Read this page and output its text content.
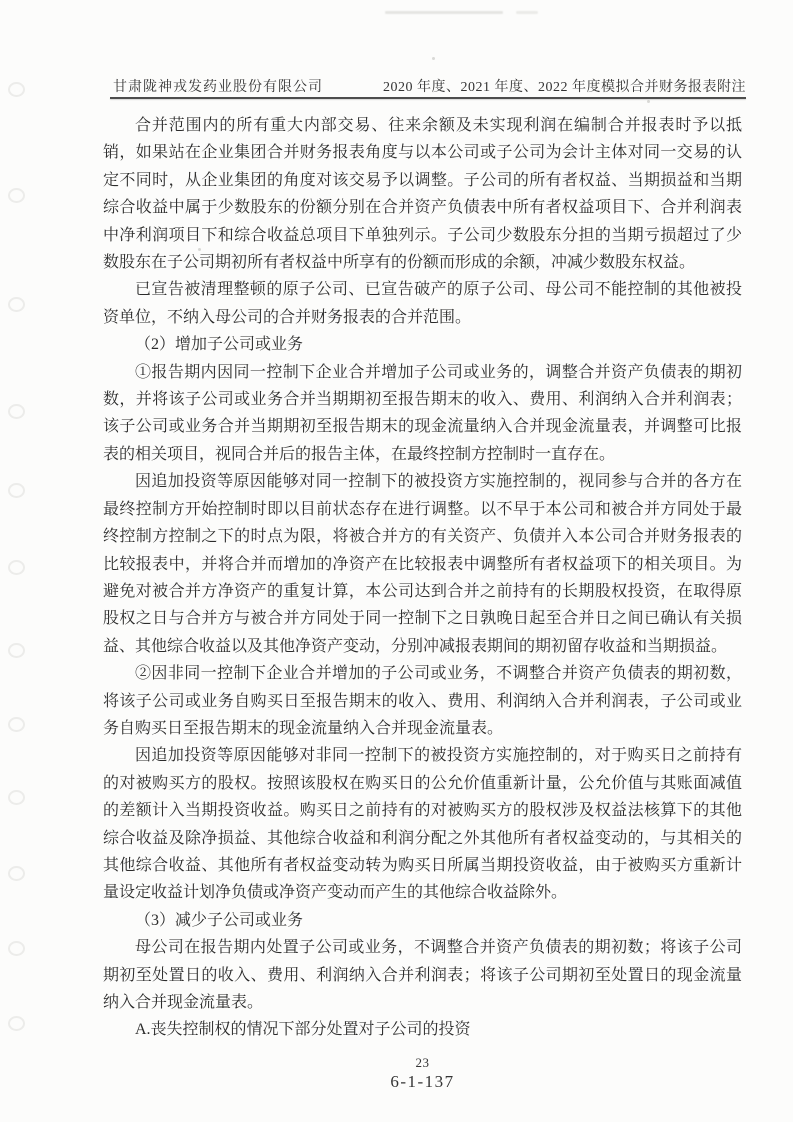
甘肃陇神戎发药业股份有限公司	2020 年度、2021 年度、2022 年度模拟合并财务报表附注

合并范围内的所有重大内部交易、往来余额及未实现利润在编制合并报表时予以抵销，如果站在企业集团合并财务报表角度与以本公司或子公司为会计主体对同一交易的认定不同时，从企业集团的角度对该交易予以调整。子公司的所有者权益、当期损益和当期综合收益中属于少数股东的份额分别在合并资产负债表中所有者权益项目下、合并利润表中净利润项目下和综合收益总项目下单独列示。子公司少数股东分担的当期亏损超过了少数股东在子公司期初所有者权益中所享有的份额而形成的余额，冲减少数股东权益。

已宣告被清理整顿的原子公司、已宣告破产的原子公司、母公司不能控制的其他被投资单位，不纳入母公司的合并财务报表的合并范围。

（2）增加子公司或业务

①报告期内因同一控制下企业合并增加子公司或业务的，调整合并资产负债表的期初数，并将该子公司或业务合并当期期初至报告期末的收入、费用、利润纳入合并利润表；该子公司或业务合并当期期初至报告期末的现金流量纳入合并现金流量表，并调整可比报表的相关项目，视同合并后的报告主体，在最终控制方控制时一直存在。

因追加投资等原因能够对同一控制下的被投资方实施控制的，视同参与合并的各方在最终控制方开始控制时即以目前状态存在进行调整。以不早于本公司和被合并方同处于最终控制方控制之下的时点为限，将被合并方的有关资产、负债并入本公司合并财务报表的比较报表中，并将合并而增加的净资产在比较报表中调整所有者权益项下的相关项目。为避免对被合并方净资产的重复计算，本公司达到合并之前持有的长期股权投资，在取得原股权之日与合并方与被合并方同处于同一控制下之日孰晚日起至合并日之间已确认有关损益、其他综合收益以及其他净资产变动，分别冲减报表期间的期初留存收益和当期损益。

②因非同一控制下企业合并增加的子公司或业务，不调整合并资产负债表的期初数，将该子公司或业务自购买日至报告期末的收入、费用、利润纳入合并利润表，子公司或业务自购买日至报告期末的现金流量纳入合并现金流量表。

因追加投资等原因能够对非同一控制下的被投资方实施控制的，对于购买日之前持有的对被购买方的股权。按照该股权在购买日的公允价值重新计量，公允价值与其账面减值的差额计入当期投资收益。购买日之前持有的对被购买方的股权涉及权益法核算下的其他综合收益及除净损益、其他综合收益和利润分配之外其他所有者权益变动的，与其相关的其他综合收益、其他所有者权益变动转为购买日所属当期投资收益，由于被购买方重新计量设定收益计划净负债或净资产变动而产生的其他综合收益除外。

（3）减少子公司或业务

母公司在报告期内处置子公司或业务，不调整合并资产负债表的期初数；将该子公司期初至处置日的收入、费用、利润纳入合并利润表；将该子公司期初至处置日的现金流量纳入合并现金流量表。

A.丧失控制权的情况下部分处置对子公司的投资

23
6-1-137
